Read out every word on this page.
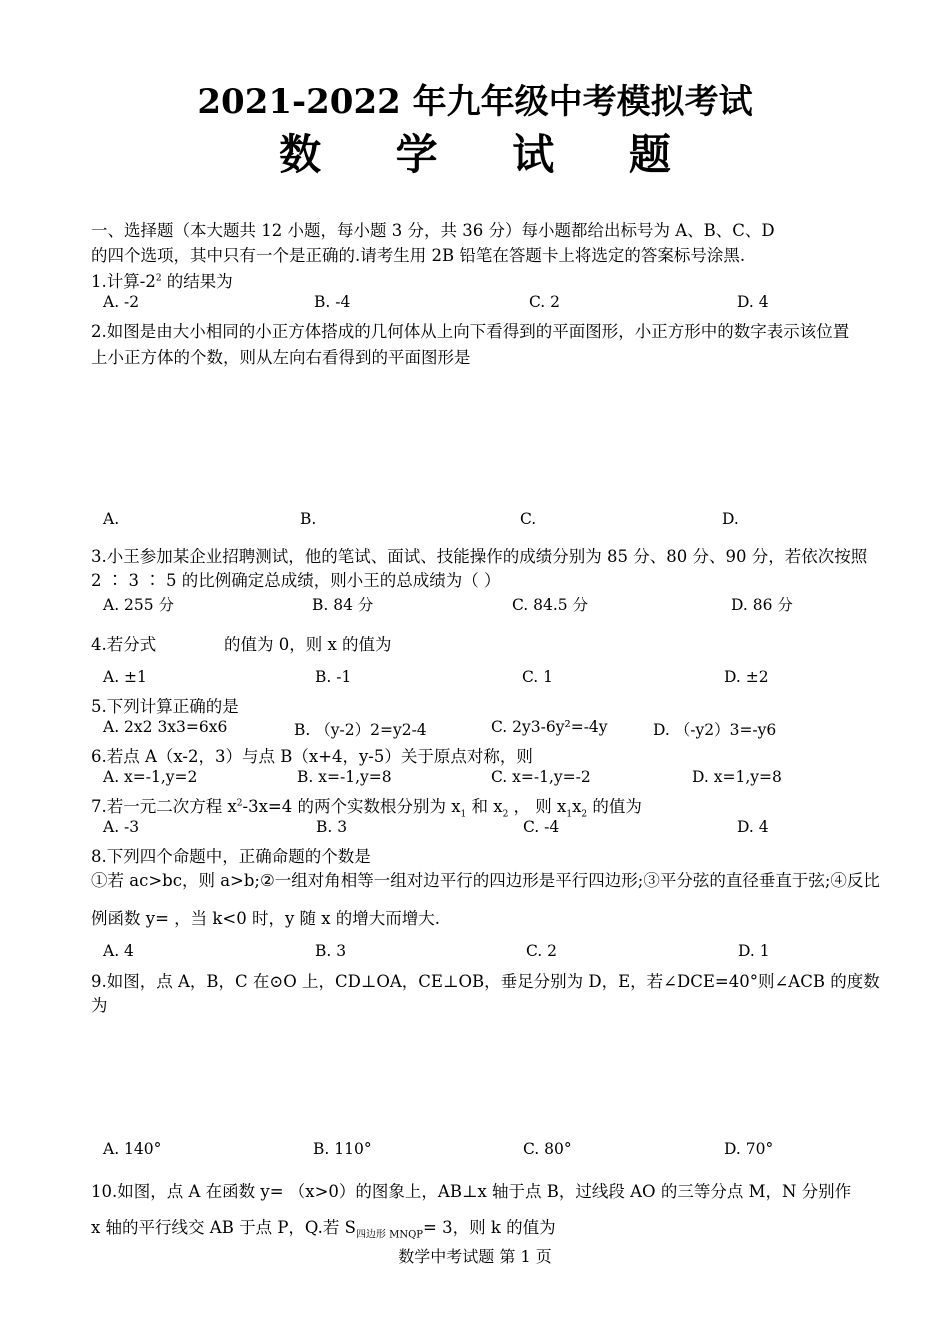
2021-2022 年九年级中考模拟考试
数 学 试 题
一、选择题（本大题共 12 小题，每小题 3 分，共 36 分）每小题都给出标号为 A、B、C、D
的四个选项，其中只有一个是正确的.请考生用 2B 铅笔在答题卡上将选定的答案标号涂黑.
1.计算$-2^2$ 的结果为
A. -2	B. -4	C. 2	D. 4
2.如图是由大小相同的小正方体搭成的几何体从上向下看得到的平面图形，小正方形中的数字表示该位置
上小正方体的个数，则从左向右看得到的平面图形是
A.	B.	C.	D.
3.小王参加某企业招聘测试，他的笔试、面试、技能操作的成绩分别为 85 分、80 分、90 分，若依次按照
2 ∶ 3 ∶ 5 的比例确定总成绩，则小王的总成绩为（ ）
A. 255 分	B. 84 分	C. 84.5 分	D. 86 分
4.若分式	的值为 0，则 x 的值为
A. ±1	B. -1	C. 1	D. ±2
5.下列计算正确的是
A. 2x2 3x3=6x6	B. （y-2）2=y2-4	C. 2y3-6y²=-4y	D. （-y2）3=-y6
6.若点 A（x-2，3）与点 B（x+4，y-5）关于原点对称，则
A. x=-1,y=2	B. x=-1,y=8	C. x=-1,y=-2	D. x=1,y=8
7.若一元二次方程 $x^2-3x=4$ 的两个实数根分别为 $x_1$ 和 $x_2$ ， 则 $x_1x_2$ 的值为
A. -3	B. 3	C. -4	D. 4
8.下列四个命题中，正确命题的个数是
①若 ac>bc，则 a>b;②一组对角相等一组对边平行的四边形是平行四边形;③平分弦的直径垂直于弦;④反比
例函数 y= ，当 k<0 时，y 随 x 的增大而增大.
A. 4	B. 3	C. 2	D. 1
9.如图，点 A，B，C 在⊙O 上，CD⊥OA，CE⊥OB，垂足分别为 D，E，若∠DCE=40°则∠ACB 的度数
为
A. 140°	B. 110°	C. 80°	D. 70°
10.如图，点 A 在函数 y= （x>0）的图象上，AB⊥x 轴于点 B，过线段 AO 的三等分点 M，N 分别作
x 轴的平行线交 AB 于点 P，Q.若 $S_{四边形 MNQP}= 3$，则 k 的值为
数学中考试题 第 1 页
